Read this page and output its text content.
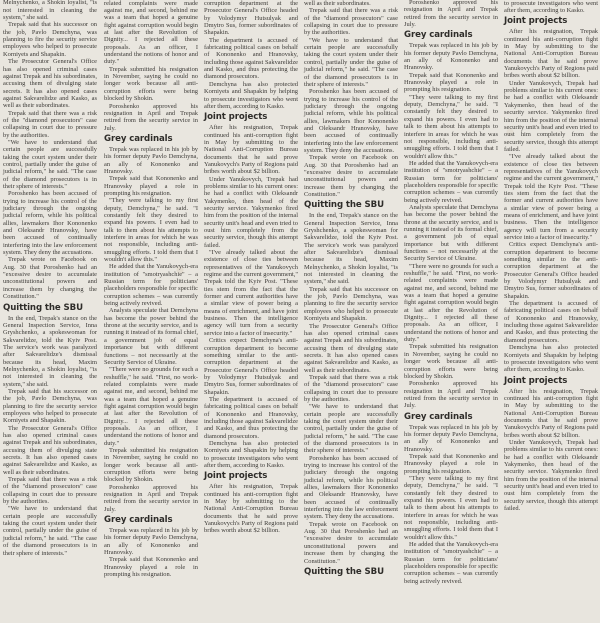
Melnychenko, a Shokin loyalist, "is not interested in cleaning the system," she said.

Trepak said that his successor on the job, Pavlo Demchyna, was planning to fire the security service employees who helped to prosecute Korniyets and Shapakin.

The Prosecutor General's Office has also opened criminal cases against Trepak and his subordinates, accusing them of divulging state secrets. It has also opened cases against Sakvarelidze and Kasko, as well as their subordinates.

Trepak said that there was a risk of the "diamond prosecutors" case collapsing in court due to pressure by the authorities.

"We have to understand that certain people are successfully taking the court system under their control, partially under the guise of judicial reform," he said. "The case of the diamond prosecutors is in their sphere of interests."

Poroshenko has been accused of trying to increase his control of the judiciary through the ongoing judicial reform, while his political allies, lawmakers Ihor Kononenko and Oleksandr Hranovsky, have been accused of continually interfering into the law enforcement system. They deny the accusations.

Trepak wrote on Facebook on Aug. 30 that Poroshenko had an "excessive desire to accumulate unconstitutional powers and increase them by changing the Constitution."

Quitting the SBU

In the end, Trepak's stance on the General Inspection Service, Inna Gryshchenko, a spokeswoman for Sakvarelidze, told the Kyiv Post. The service's work was paralyzed after Sakvarelidze's dismissal because its head, Maxim Melnychenko, a Shokin loyalist, "is not interested in cleaning the system," she said.

Trepak said that his successor on the job, Pavlo Demchyna, was planning to fire the security service employees who helped to prosecute Korniyets and Shapakin.

The Prosecutor General's Office has also opened criminal cases against Trepak and his subordinates, accusing them of divulging state secrets. It has also opened cases against Sakvarelidze and Kasko, as well as their subordinates.

Trepak said that there was a risk of the "diamond prosecutors" case collapsing in court due to pressure by the authorities.

"We have to understand that certain people are successfully taking the court system under their control, partially under the guise of judicial reform," he said. "The case of the diamond prosecutors is in their sphere of interests."

related complaints were made against me, and second, behind me was a team that hoped a genuine fight against corruption would begin at last after the Revolution of Dignity... I rejected all these proposals. As an officer, I understand the notions of honor and duty."

Trepak submitted his resignation in November, saying he could no longer work because all anti-corruption efforts were being blocked by Shokin.

Poroshenko approved his resignation in April and Trepak retired from the security service in July.

Grey cardinals

Trepak was replaced in his job by his former deputy Pavlo Demchyna, an ally of Kononenko and Hranovsky.

Trepak said that Kononenko and Hranovsky played a role in prompting his resignation.

"They were talking to my first deputy, Demchyna," he said. "I constantly felt they desired to expand his powers. I even had to talk to them about his attempts to interfere in areas for which he was not responsible, including anti-smuggling efforts. I told them that I wouldn't allow this."

He added that the Yanukovych-era institution of "smotryashchie" – a Russian term for politicians' placeholders responsible for specific corruption schemes – was currently being actively revived.

Analysts speculate that Demchyna has become the power behind the throne at the security service, and is running it instead of its formal chief, a government job of equal importance but with different functions – not necessarily at the Security Service of Ukraine.

"There were no grounds for such a reshuffle," he said. "First, no work-related complaints were made against me, and second, behind me was a team that hoped a genuine fight against corruption would begin at last after the Revolution of Dignity... I rejected all these proposals. As an officer, I understand the notions of honor and duty."

Trepak submitted his resignation in November, saying he could no longer work because all anti-corruption efforts were being blocked by Shokin.

Poroshenko approved his resignation in April and Trepak retired from the security service in July.

Grey cardinals

Trepak was replaced in his job by his former deputy Pavlo Demchyna, an ally of Kononenko and Hranovsky.

Trepak said that Kononenko and Hranovsky played a role in prompting his resignation.

corruption department at the Prosecutor General's Office headed by Volodymyr Hutsulyak and Dmytro Sus, former subordinates of Shapakin.

The department is accused of fabricating political cases on behalf of Kononenko and Hranovsky, including those against Sakvarelidze and Kasko, and thus protecting the diamond prosecutors.

Demchyna has also protected Korniyets and Shapakin by helping to prosecute investigators who went after them, according to Kasko.

Joint projects

After his resignation, Trepak continued his anti-corruption fight in May by submitting to the National Anti-Corruption Bureau documents that he said prove Yanukovych's Party of Regions paid bribes worth about $2 billion.

Under Yanukovych, Trepak had problems similar to his current ones: he had a conflict with Oleksandr Yakymenko, then head of the security service. Yakymenko fired him from the position of the internal security unit's head and even tried to oust him completely from the security service, though this attempt failed.

"I've already talked about the existence of close ties between representatives of the Yanukovych regime and the current government," Trepak told the Kyiv Post. "These ties stem from the fact that the former and current authorities have a similar view of power being a means of enrichment, and have joint business. Then the intelligence agency will turn from a security service into a factor of insecurity."

Critics expect Demchyna's anti-corruption department to become something similar to the anti-corruption department at the Prosecutor General's Office headed by Volodymyr Hutsulyak and Dmytro Sus, former subordinates of Shapakin.

The department is accused of fabricating political cases on behalf of Kononenko and Hranovsky, including those against Sakvarelidze and Kasko, and thus protecting the diamond prosecutors.

Demchyna has also protected Korniyets and Shapakin by helping to prosecute investigators who went after them, according to Kasko.

Joint projects

After his resignation, Trepak continued his anti-corruption fight in May by submitting to the National Anti-Corruption Bureau documents that he said prove Yanukovych's Party of Regions paid bribes worth about $2 billion.

well as their subordinates.

Trepak said that there was a risk of the "diamond prosecutors" case collapsing in court due to pressure by the authorities.

"We have to understand that certain people are successfully taking the court system under their control, partially under the guise of judicial reform," he said. "The case of the diamond prosecutors is in their sphere of interests."

Poroshenko has been accused of trying to increase his control of the judiciary through the ongoing judicial reform, while his political allies, lawmakers Ihor Kononenko and Oleksandr Hranovsky, have been accused of continually interfering into the law enforcement system. They deny the accusations.

Trepak wrote on Facebook on Aug. 30 that Poroshenko had an "excessive desire to accumulate unconstitutional powers and increase them by changing the Constitution."

Quitting the SBU

In the end, Trepak's stance on the General Inspection Service, Inna Gryshchenko, a spokeswoman for Sakvarelidze, told the Kyiv Post. The service's work was paralyzed after Sakvarelidze's dismissal because its head, Maxim Melnychenko, a Shokin loyalist, "is not interested in cleaning the system," she said.

Trepak said that his successor on the job, Pavlo Demchyna, was planning to fire the security service employees who helped to prosecute Korniyets and Shapakin.

The Prosecutor General's Office has also opened criminal cases against Trepak and his subordinates, accusing them of divulging state secrets. It has also opened cases against Sakvarelidze and Kasko, as well as their subordinates.

Trepak said that there was a risk of the "diamond prosecutors" case collapsing in court due to pressure by the authorities.

"We have to understand that certain people are successfully taking the court system under their control, partially under the guise of judicial reform," he said. "The case of the diamond prosecutors is in their sphere of interests."

Poroshenko has been accused of trying to increase his control of the judiciary through the ongoing judicial reform, while his political allies, lawmakers Ihor Kononenko and Oleksandr Hranovsky, have been accused of continually interfering into the law enforcement system. They deny the accusations.

Trepak wrote on Facebook on Aug. 30 that Poroshenko had an "excessive desire to accumulate unconstitutional powers and increase them by changing the Constitution."

Quitting the SBU

Poroshenko approved his resignation in April and Trepak retired from the security service in July.

Grey cardinals

Trepak was replaced in his job by his former deputy Pavlo Demchyna, an ally of Kononenko and Hranovsky.

Trepak said that Kononenko and Hranovsky played a role in prompting his resignation.

"They were talking to my first deputy, Demchyna," he said. "I constantly felt they desired to expand his powers. I even had to talk to them about his attempts to interfere in areas for which he was not responsible, including anti-smuggling efforts. I told them that I wouldn't allow this."

He added that the Yanukovych-era institution of "smotryashchie" – a Russian term for politicians' placeholders responsible for specific corruption schemes – was currently being actively revived.

Analysts speculate that Demchyna has become the power behind the throne at the security service, and is running it instead of its formal chief, a government job of equal importance but with different functions – not necessarily at the Security Service of Ukraine.

"There were no grounds for such a reshuffle," he said. "First, no work-related complaints were made against me, and second, behind me was a team that hoped a genuine fight against corruption would begin at last after the Revolution of Dignity... I rejected all these proposals. As an officer, I understand the notions of honor and duty."

Trepak submitted his resignation in November, saying he could no longer work because all anti-corruption efforts were being blocked by Shokin.

Poroshenko approved his resignation in April and Trepak retired from the security service in July.

Grey cardinals

Trepak was replaced in his job by his former deputy Pavlo Demchyna, an ally of Kononenko and Hranovsky.

Trepak said that Kononenko and Hranovsky played a role in prompting his resignation.

"They were talking to my first deputy, Demchyna," he said. "I constantly felt they desired to expand his powers. I even had to talk to them about his attempts to interfere in areas for which he was not responsible, including anti-smuggling efforts. I told them that I wouldn't allow this."

He added that the Yanukovych-era institution of "smotryashchie" – a Russian term for politicians' placeholders responsible for specific corruption schemes – was currently being actively revived.

to prosecute investigators who went after them, according to Kasko.

Joint projects

After his resignation, Trepak continued his anti-corruption fight in May by submitting to the National Anti-Corruption Bureau documents that he said prove Yanukovych's Party of Regions paid bribes worth about $2 billion.

Under Yanukovych, Trepak had problems similar to his current ones: he had a conflict with Oleksandr Yakymenko, then head of the security service. Yakymenko fired him from the position of the internal security unit's head and even tried to oust him completely from the security service, though this attempt failed.

"I've already talked about the existence of close ties between representatives of the Yanukovych regime and the current government," Trepak told the Kyiv Post. "These ties stem from the fact that the former and current authorities have a similar view of power being a means of enrichment, and have joint business. Then the intelligence agency will turn from a security service into a factor of insecurity."

Critics expect Demchyna's anti-corruption department to become something similar to the anti-corruption department at the Prosecutor General's Office headed by Volodymyr Hutsulyak and Dmytro Sus, former subordinates of Shapakin.

The department is accused of fabricating political cases on behalf of Kononenko and Hranovsky, including those against Sakvarelidze and Kasko, and thus protecting the diamond prosecutors.

Demchyna has also protected Korniyets and Shapakin by helping to prosecute investigators who went after them, according to Kasko.

Joint projects

After his resignation, Trepak continued his anti-corruption fight in May by submitting to the National Anti-Corruption Bureau documents that he said prove Yanukovych's Party of Regions paid bribes worth about $2 billion.

Under Yanukovych, Trepak had problems similar to his current ones: he had a conflict with Oleksandr Yakymenko, then head of the security service. Yakymenko fired him from the position of the internal security unit's head and even tried to oust him completely from the security service, though this attempt failed.
